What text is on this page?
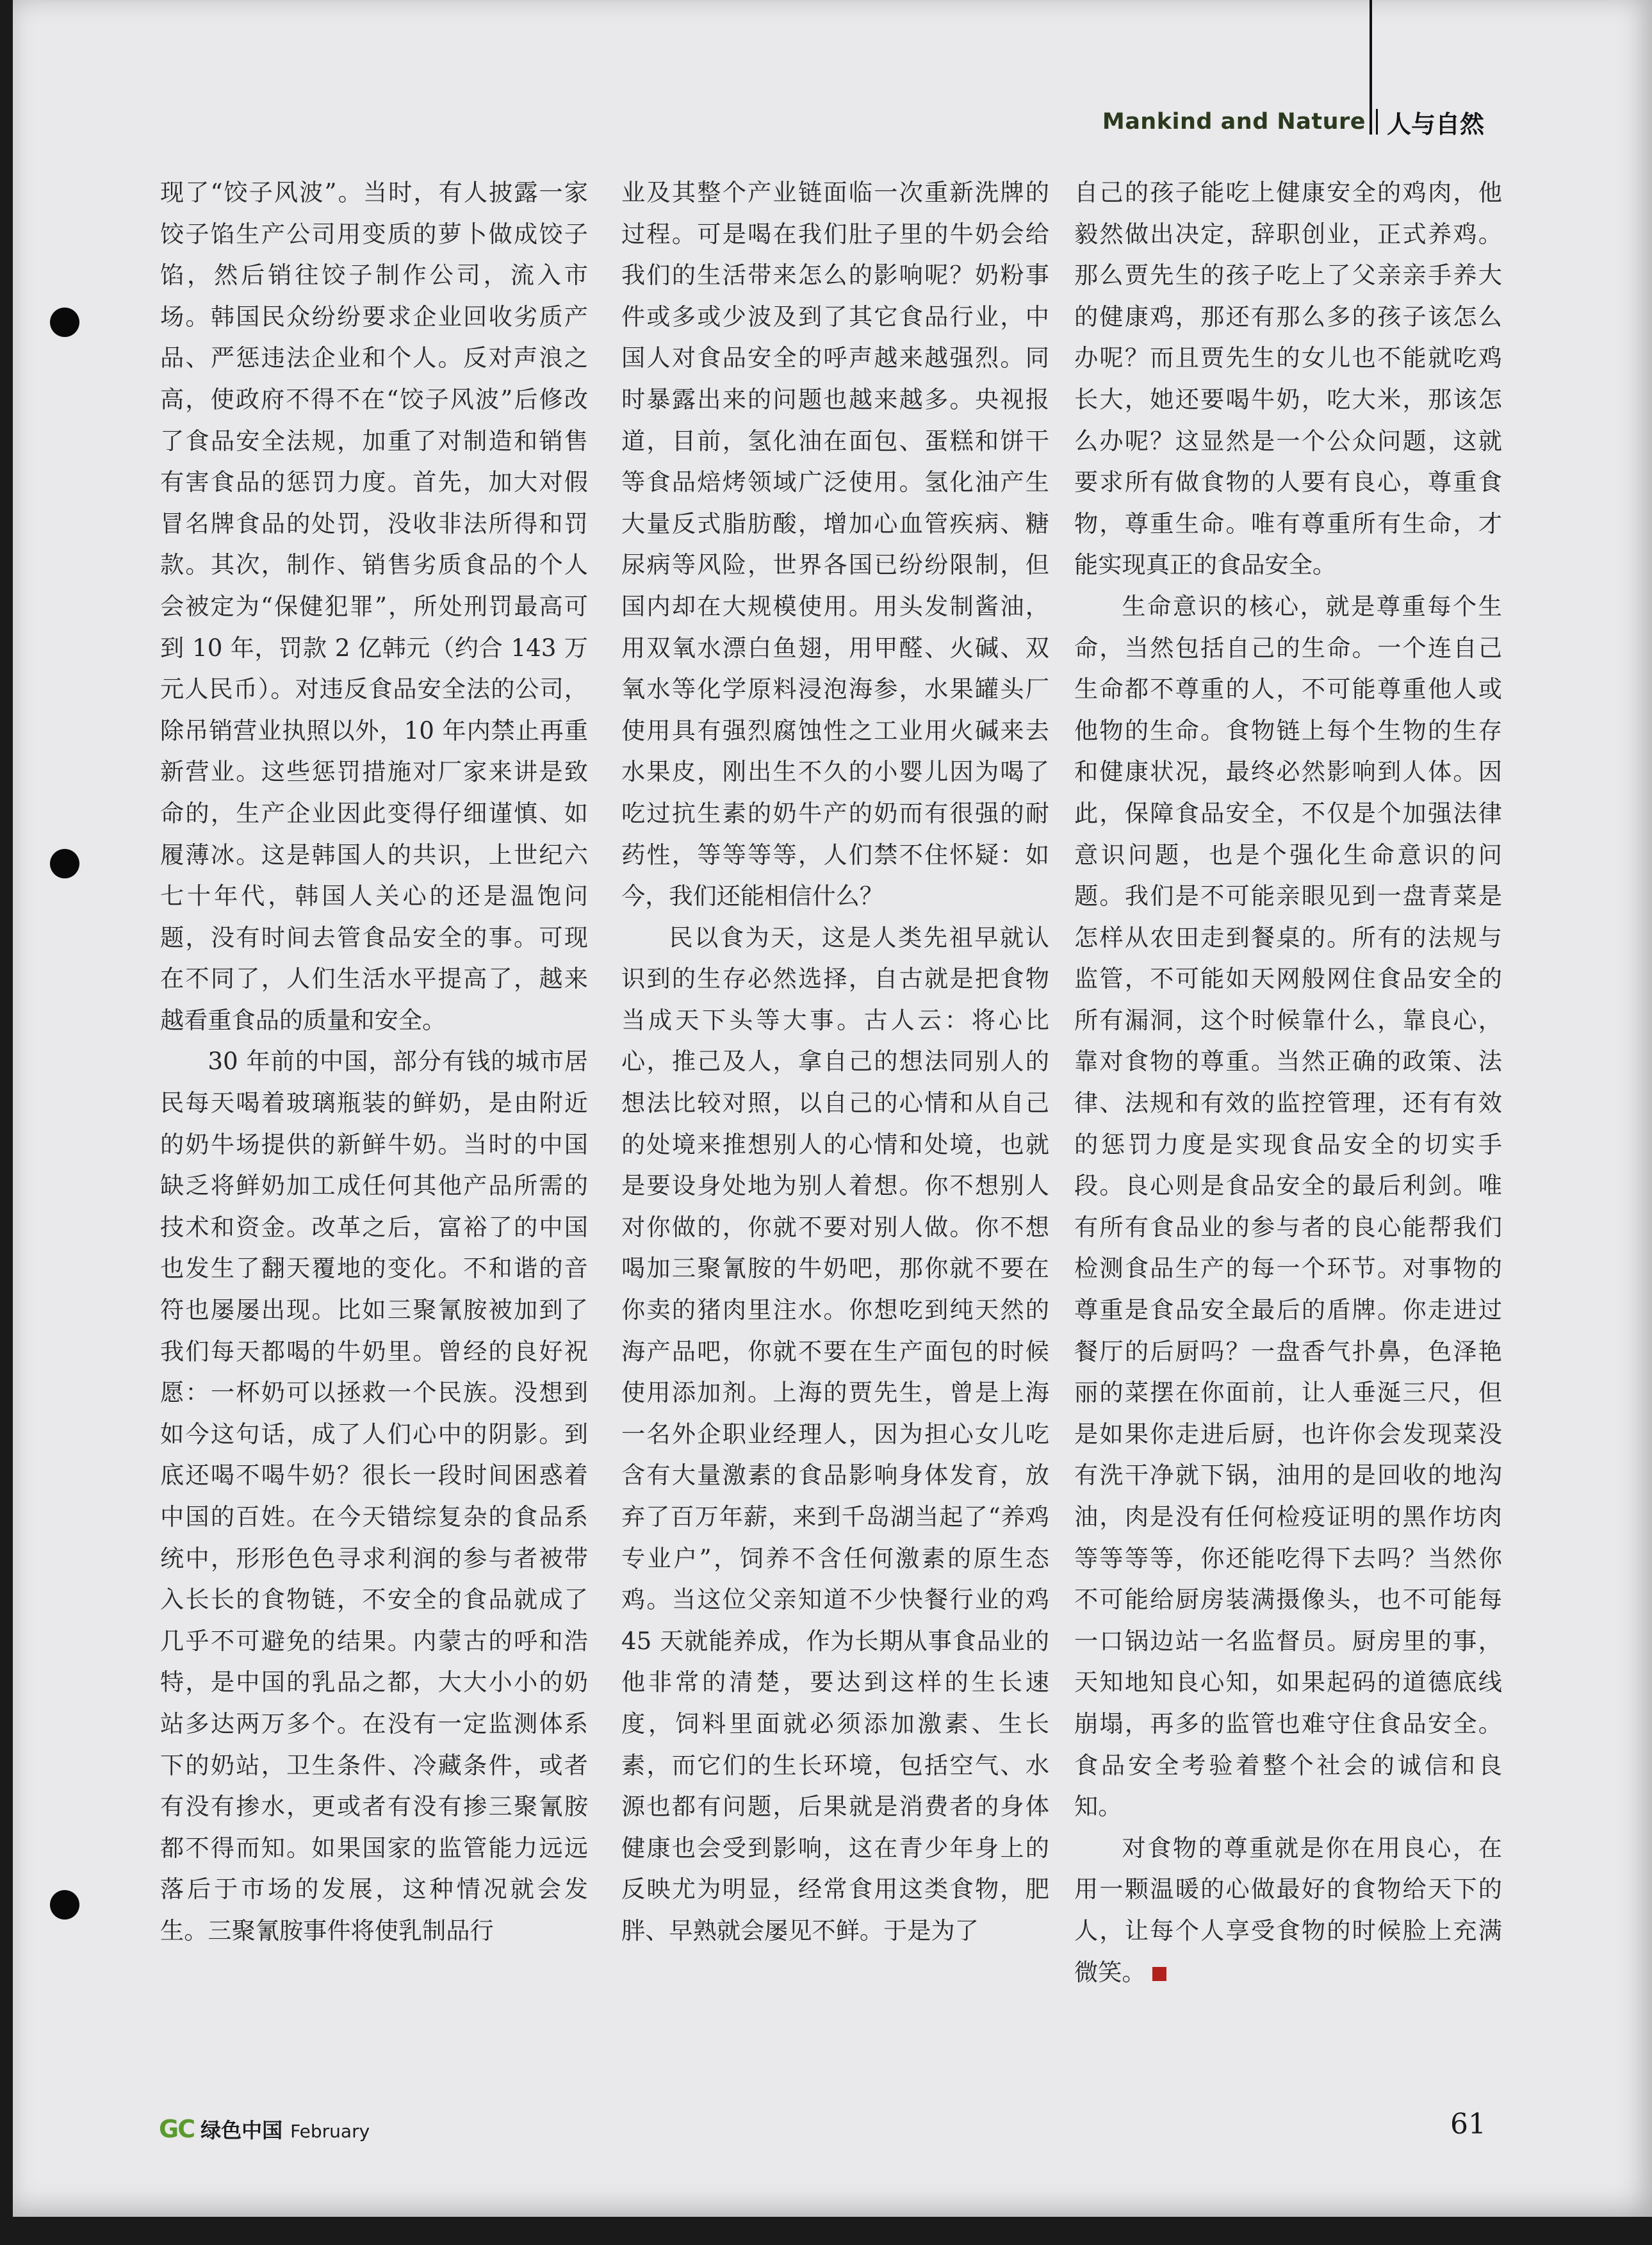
Mankind and Nature 人与自然

现了“饺子风波”。当时，有人披露一家饺子馅生产公司用变质的萝卜做成饺子馅，然后销往饺子制作公司，流入市场。韩国民众纷纷要求企业回收劣质产品、严惩违法企业和个人。反对声浪之高，使政府不得不在“饺子风波”后修改了食品安全法规，加重了对制造和销售有害食品的惩罚力度。首先，加大对假冒名牌食品的处罚，没收非法所得和罚款。其次，制作、销售劣质食品的个人会被定为“保健犯罪”，所处刑罚最高可到 10 年，罚款 2 亿韩元（约合 143 万元人民币）。对违反食品安全法的公司，除吊销营业执照以外，10 年内禁止再重新营业。这些惩罚措施对厂家来讲是致命的，生产企业因此变得仔细谨慎、如履薄冰。这是韩国人的共识，上世纪六七十年代，韩国人关心的还是温饱问题，没有时间去管食品安全的事。可现在不同了，人们生活水平提高了，越来越看重食品的质量和安全。

30 年前的中国，部分有钱的城市居民每天喝着玻璃瓶装的鲜奶，是由附近的奶牛场提供的新鲜牛奶。当时的中国缺乏将鲜奶加工成任何其他产品所需的技术和资金。改革之后，富裕了的中国也发生了翻天覆地的变化。不和谐的音符也屡屡出现。比如三聚氰胺被加到了我们每天都喝的牛奶里。曾经的良好祝愿：一杯奶可以拯救一个民族。没想到如今这句话，成了人们心中的阴影。到底还喝不喝牛奶？很长一段时间困惑着中国的百姓。在今天错综复杂的食品系统中，形形色色寻求利润的参与者被带入长长的食物链，不安全的食品就成了几乎不可避免的结果。内蒙古的呼和浩特，是中国的乳品之都，大大小小的奶站多达两万多个。在没有一定监测体系下的奶站，卫生条件、冷藏条件，或者有没有掺水，更或者有没有掺三聚氰胺都不得而知。如果国家的监管能力远远落后于市场的发展，这种情况就会发生。三聚氰胺事件将使乳制品行

业及其整个产业链面临一次重新洗牌的过程。可是喝在我们肚子里的牛奶会给我们的生活带来怎么的影响呢？奶粉事件或多或少波及到了其它食品行业，中国人对食品安全的呼声越来越强烈。同时暴露出来的问题也越来越多。央视报道，目前，氢化油在面包、蛋糕和饼干等食品焙烤领域广泛使用。氢化油产生大量反式脂肪酸，增加心血管疾病、糖尿病等风险，世界各国已纷纷限制，但国内却在大规模使用。用头发制酱油，用双氧水漂白鱼翅，用甲醛、火碱、双氧水等化学原料浸泡海参，水果罐头厂使用具有强烈腐蚀性之工业用火碱来去水果皮，刚出生不久的小婴儿因为喝了吃过抗生素的奶牛产的奶而有很强的耐药性，等等等等，人们禁不住怀疑：如今，我们还能相信什么？

民以食为天，这是人类先祖早就认识到的生存必然选择，自古就是把食物当成天下头等大事。古人云：将心比心，推己及人，拿自己的想法同别人的想法比较对照，以自己的心情和从自己的处境来推想别人的心情和处境，也就是要设身处地为别人着想。你不想别人对你做的，你就不要对别人做。你不想喝加三聚氰胺的牛奶吧，那你就不要在你卖的猪肉里注水。你想吃到纯天然的海产品吧，你就不要在生产面包的时候使用添加剂。上海的贾先生，曾是上海一名外企职业经理人，因为担心女儿吃含有大量激素的食品影响身体发育，放弃了百万年薪，来到千岛湖当起了“养鸡专业户”，饲养不含任何激素的原生态鸡。当这位父亲知道不少快餐行业的鸡 45 天就能养成，作为长期从事食品业的他非常的清楚，要达到这样的生长速度，饲料里面就必须添加激素、生长素，而它们的生长环境，包括空气、水源也都有问题，后果就是消费者的身体健康也会受到影响，这在青少年身上的反映尤为明显，经常食用这类食物，肥胖、早熟就会屡见不鲜。于是为了

自己的孩子能吃上健康安全的鸡肉，他毅然做出决定，辞职创业，正式养鸡。那么贾先生的孩子吃上了父亲亲手养大的健康鸡，那还有那么多的孩子该怎么办呢？而且贾先生的女儿也不能就吃鸡长大，她还要喝牛奶，吃大米，那该怎么办呢？这显然是一个公众问题，这就要求所有做食物的人要有良心，尊重食物，尊重生命。唯有尊重所有生命，才能实现真正的食品安全。

生命意识的核心，就是尊重每个生命，当然包括自己的生命。一个连自己生命都不尊重的人，不可能尊重他人或他物的生命。食物链上每个生物的生存和健康状况，最终必然影响到人体。因此，保障食品安全，不仅是个加强法律意识问题，也是个强化生命意识的问题。我们是不可能亲眼见到一盘青菜是怎样从农田走到餐桌的。所有的法规与监管，不可能如天网般网住食品安全的所有漏洞，这个时候靠什么，靠良心，靠对食物的尊重。当然正确的政策、法律、法规和有效的监控管理，还有有效的惩罚力度是实现食品安全的切实手段。良心则是食品安全的最后利剑。唯有所有食品业的参与者的良心能帮我们检测食品生产的每一个环节。对事物的尊重是食品安全最后的盾牌。你走进过餐厅的后厨吗？一盘香气扑鼻，色泽艳丽的菜摆在你面前，让人垂涎三尺，但是如果你走进后厨，也许你会发现菜没有洗干净就下锅，油用的是回收的地沟油，肉是没有任何检疫证明的黑作坊肉等等等等，你还能吃得下去吗？当然你不可能给厨房装满摄像头，也不可能每一口锅边站一名监督员。厨房里的事，天知地知良心知，如果起码的道德底线崩塌，再多的监管也难守住食品安全。食品安全考验着整个社会的诚信和良知。

对食物的尊重就是你在用良心，在用一颗温暖的心做最好的食物给天下的人，让每个人享受食物的时候脸上充满微笑。

GC 绿色中国 February	61
